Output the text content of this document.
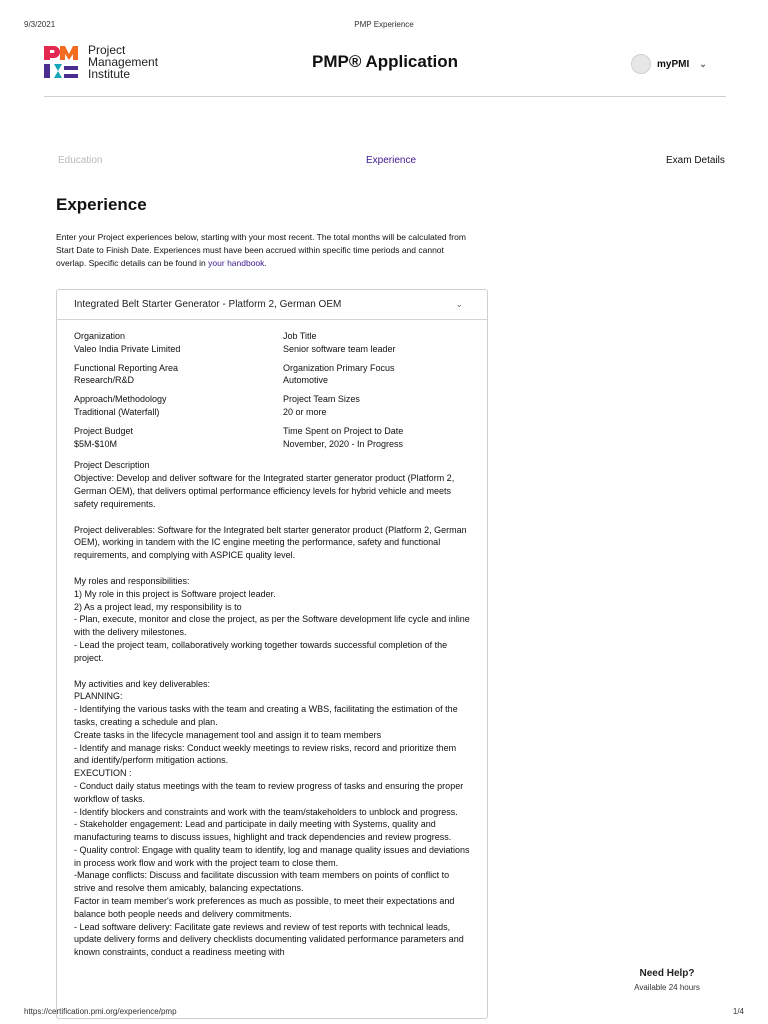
9/3/2021	PMP Experience
Project
Management
Institute
PMP® Application	myPMI ⌄
Education	Experience	Exam Details
Experience
Enter your Project experiences below, starting with your most recent. The total months will be calculated from Start Date to Finish Date. Experiences must have been accrued within specific time periods and cannot overlap. Specific details can be found in your handbook.
Integrated Belt Starter Generator - Platform 2, German OEM	⌄
Organization
Valeo India Private Limited
Job Title
Senior software team leader
Functional Reporting Area
Research/R&D
Organization Primary Focus
Automotive
Approach/Methodology
Traditional (Waterfall)
Project Team Sizes
20 or more
Project Budget
$5M-$10M
Time Spent on Project to Date
November, 2020 - In Progress
Project Description

Objective: Develop and deliver software for the Integrated starter generator product (Platform 2, German OEM), that delivers optimal performance efficiency levels for hybrid vehicle and meets safety requirements.

Project deliverables: Software for the Integrated belt starter generator product (Platform 2, German OEM), working in tandem with the IC engine meeting the performance, safety and functional requirements, and complying with ASPICE quality level.

My roles and responsibilities:
1) My role in this project is Software project leader.
2) As a project lead, my responsibility is to
- Plan, execute, monitor and close the project, as per the Software development life cycle and inline with the delivery milestones.
- Lead the project team, collaboratively working together towards successful completion of the project.

My activities and key deliverables:
PLANNING:
- Identifying the various tasks with the team and creating a WBS, facilitating the estimation of the tasks, creating a schedule and plan.
Create tasks in the lifecycle management tool and assign it to team members
- Identify and manage risks: Conduct weekly meetings to review risks, record and prioritize them and identify/perform mitigation actions.
EXECUTION :
- Conduct daily status meetings with the team to review progress of tasks and ensuring the proper workflow of tasks.
- Identify blockers and constraints and work with the team/stakeholders to unblock and progress.
- Stakeholder engagement: Lead and participate in daily meeting with Systems, quality and manufacturing teams to discuss issues, highlight and track dependencies and review progress.
- Quality control: Engage with quality team to identify, log and manage quality issues and deviations in process work flow and work with the project team to close them.
-Manage conflicts: Discuss and facilitate discussion with team members on points of conflict to strive and resolve them amicably, balancing expectations.
Factor in team member's work preferences as much as possible, to meet their expectations and balance both people needs and delivery commitments.
- Lead software delivery: Facilitate gate reviews and review of test reports with technical leads, update delivery forms and delivery checklists documenting validated performance parameters and known constraints, conduct a readiness meeting with

Need Help?
Available 24 hours
https://certification.pmi.org/experience/pmp	1/4
